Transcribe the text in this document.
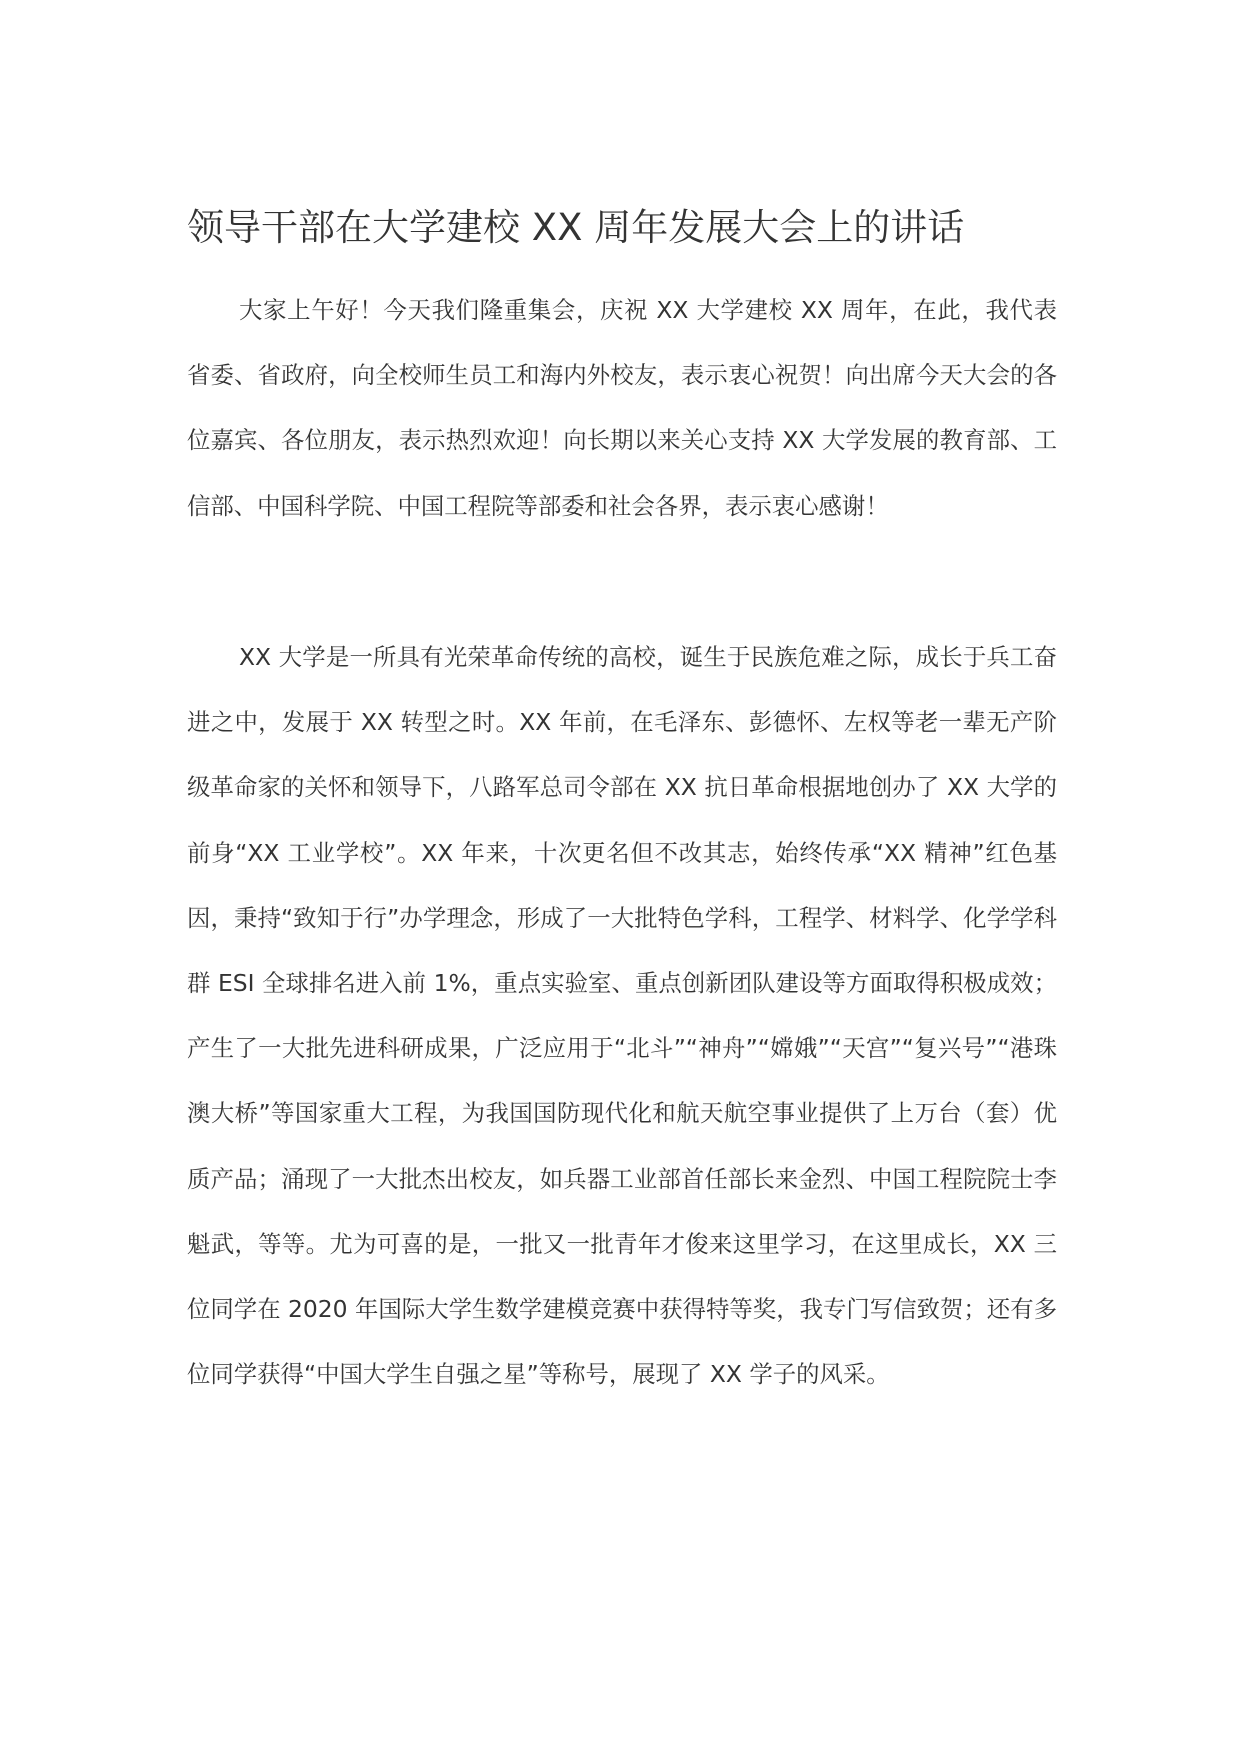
领导干部在大学建校 XX 周年发展大会上的讲话

大家上午好！今天我们隆重集会，庆祝 XX 大学建校 XX 周年，在此，我代表省委、省政府，向全校师生员工和海内外校友，表示衷心祝贺！向出席今天大会的各位嘉宾、各位朋友，表示热烈欢迎！向长期以来关心支持 XX 大学发展的教育部、工信部、中国科学院、中国工程院等部委和社会各界，表示衷心感谢！

XX 大学是一所具有光荣革命传统的高校，诞生于民族危难之际，成长于兵工奋进之中，发展于 XX 转型之时。XX 年前，在毛泽东、彭德怀、左权等老一辈无产阶级革命家的关怀和领导下，八路军总司令部在 XX 抗日革命根据地创办了 XX 大学的前身“XX 工业学校”。XX 年来，十次更名但不改其志，始终传承“XX 精神”红色基因，秉持“致知于行”办学理念，形成了一大批特色学科，工程学、材料学、化学学科群 ESI 全球排名进入前 1%，重点实验室、重点创新团队建设等方面取得积极成效；产生了一大批先进科研成果，广泛应用于“北斗”“神舟”“嫦娥”“天宫”“复兴号”“港珠澳大桥”等国家重大工程，为我国国防现代化和航天航空事业提供了上万台（套）优质产品；涌现了一大批杰出校友，如兵器工业部首任部长来金烈、中国工程院院士李魁武，等等。尤为可喜的是，一批又一批青年才俊来这里学习，在这里成长，XX 三位同学在 2020 年国际大学生数学建模竞赛中获得特等奖，我专门写信致贺；还有多位同学获得“中国大学生自强之星”等称号，展现了 XX 学子的风采。
